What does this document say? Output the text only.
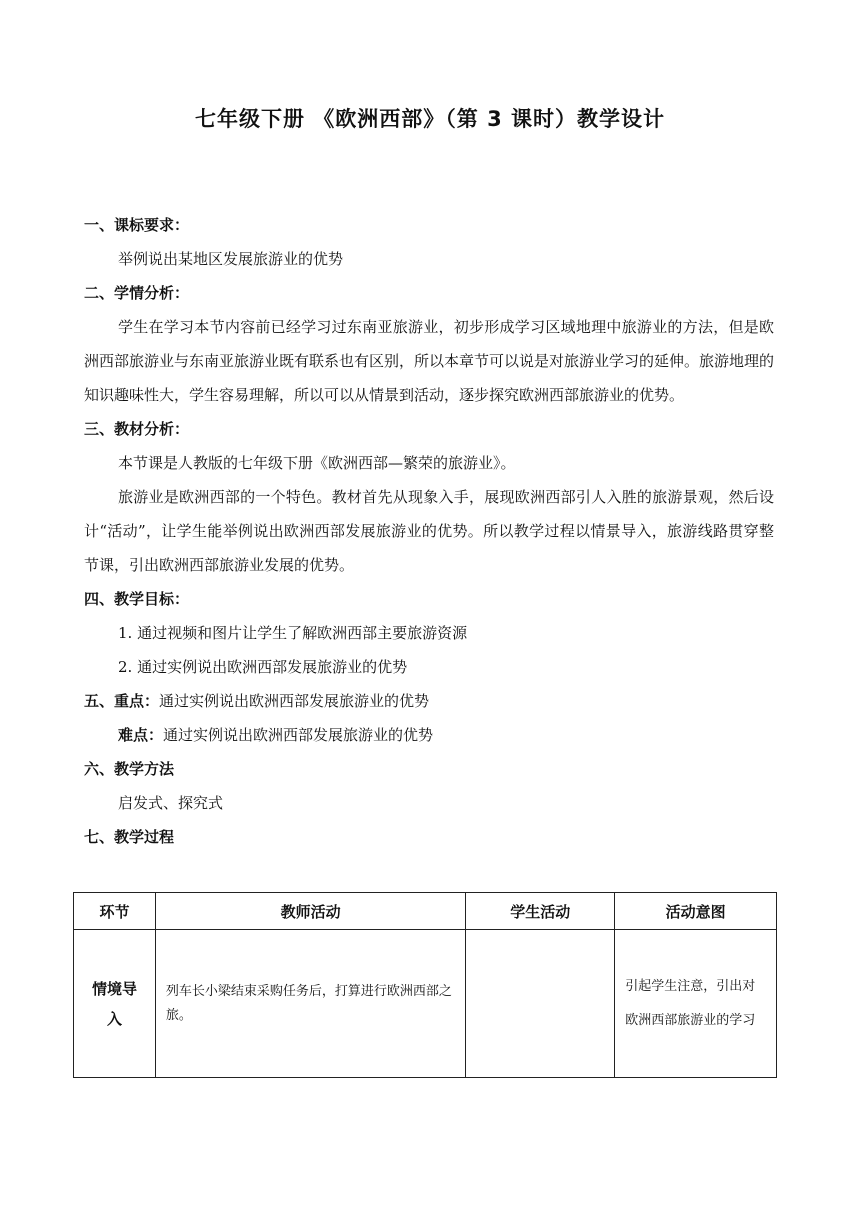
七年级下册 《欧洲西部》（第 3 课时）教学设计
一、课标要求：
举例说出某地区发展旅游业的优势
二、学情分析：
学生在学习本节内容前已经学习过东南亚旅游业，初步形成学习区域地理中旅游业的方法，但是欧洲西部旅游业与东南亚旅游业既有联系也有区别，所以本章节可以说是对旅游业学习的延伸。旅游地理的知识趣味性大，学生容易理解，所以可以从情景到活动，逐步探究欧洲西部旅游业的优势。
三、教材分析：
本节课是人教版的七年级下册《欧洲西部—繁荣的旅游业》。
旅游业是欧洲西部的一个特色。教材首先从现象入手，展现欧洲西部引人入胜的旅游景观，然后设计“活动”，让学生能举例说出欧洲西部发展旅游业的优势。所以教学过程以情景导入，旅游线路贯穿整节课，引出欧洲西部旅游业发展的优势。
四、教学目标：
1. 通过视频和图片让学生了解欧洲西部主要旅游资源
2. 通过实例说出欧洲西部发展旅游业的优势
五、重点：通过实例说出欧洲西部发展旅游业的优势
难点：通过实例说出欧洲西部发展旅游业的优势
六、教学方法
启发式、探究式
七、教学过程
环节	教师活动	学生活动	活动意图

情境导入	列车长小梁结束采购任务后，打算进行欧洲西部之旅。		引起学生注意，引出对欧洲西部旅游业的学习
